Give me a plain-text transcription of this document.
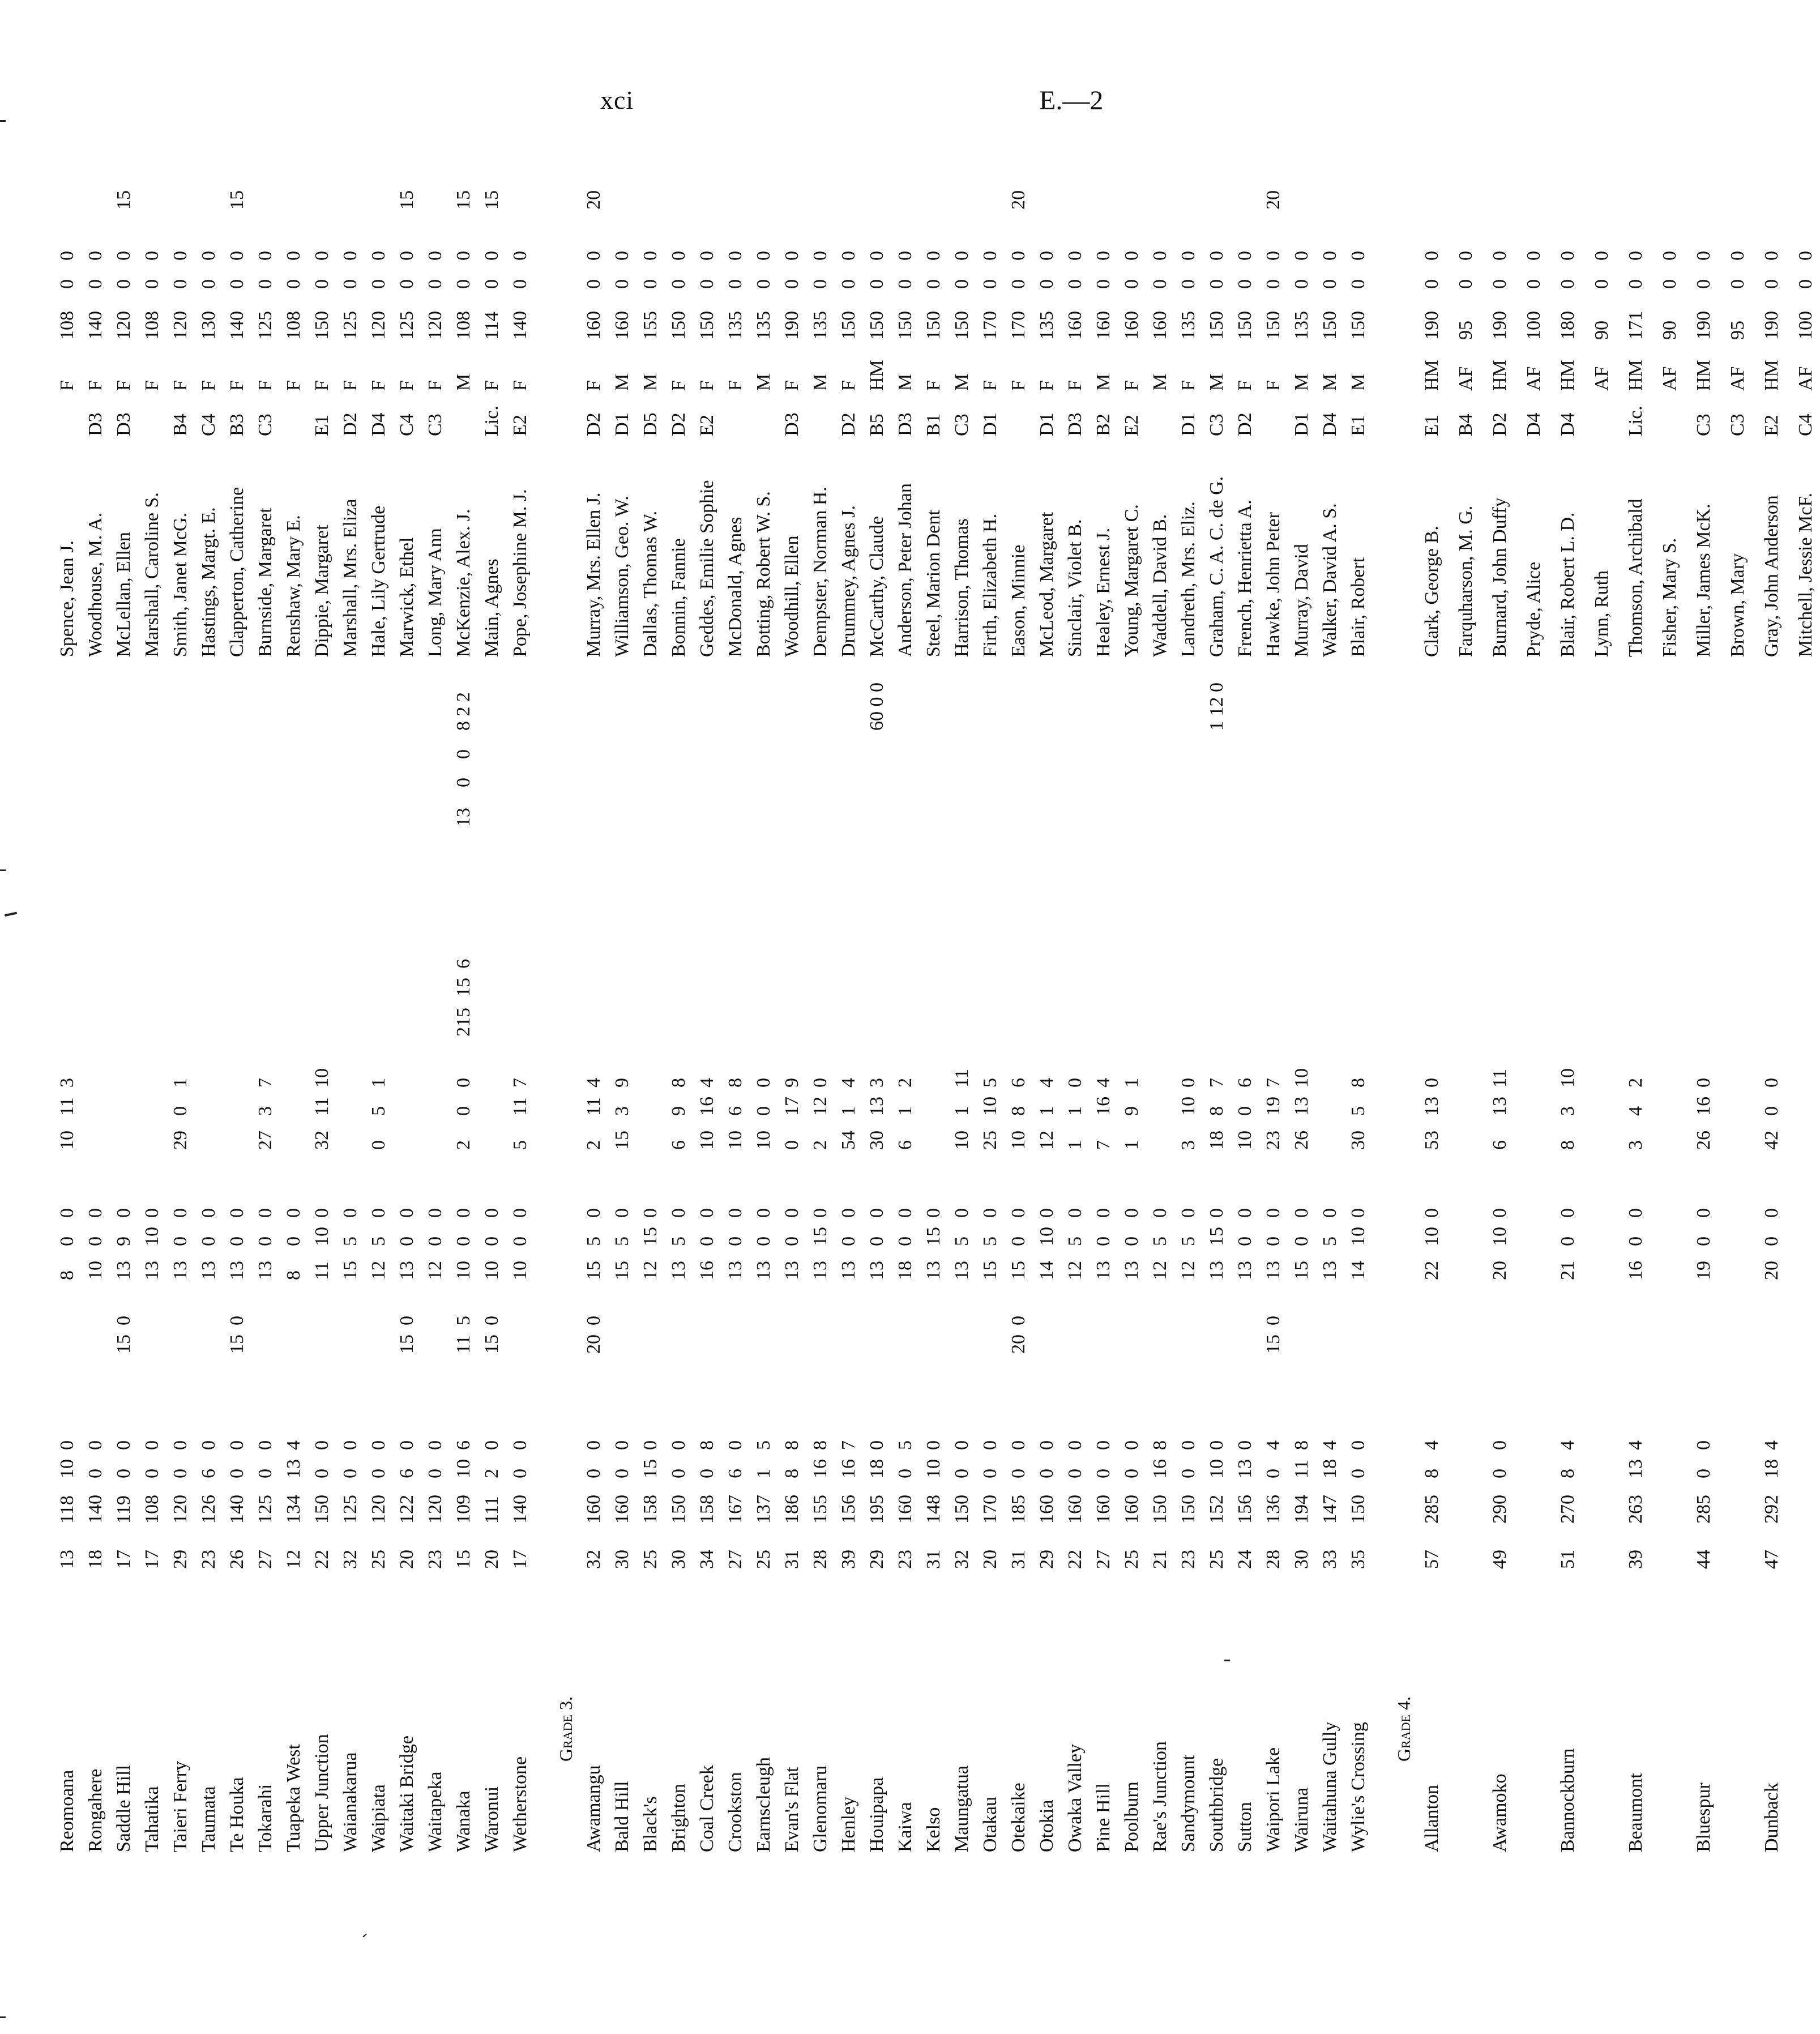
xci	E.—2
Reomoana
13
118
10
0
8
0
0
10
11
3
Spence, Jean J.
F
108
0
0
Rongahere
18
140
0
0
10
0
0
Woodhouse, M. A.
D3
F
140
0
0
Saddle Hill
17
119
0
0
15
0
13
9
0
McLellan, Ellen
D3
F
120
0
0
15
Tahatika
17
108
0
0
13
10
0
Marshall, Caroline S.
F
108
0
0
Taieri Ferry
29
120
0
0
13
0
0
29
0
1
Smith, Janet McG.
B4
F
120
0
0
Taumata
23
126
6
0
13
0
0
Hastings, Margt. E.
C4
F
130
0
0
Te Houka
26
140
0
0
15
0
13
0
0
Clapperton, Catherine
B3
F
140
0
0
15
Tokarahi
27
125
0
0
13
0
0
27
3
7
Burnside, Margaret
C3
F
125
0
0
Tuapeka West
12
134
13
4
8
0
0
Renshaw, Mary E.
F
108
0
0
Upper Junction
22
150
0
0
11
10
0
32
11
10
Dippie, Margaret
E1
F
150
0
0
Waianakarua
32
125
0
0
15
5
0
Marshall, Mrs. Eliza
D2
F
125
0
0
Waipiata
25
120
0
0
12
5
0
0
5
1
Hale, Lily Gertrude
D4
F
120
0
0
Waitaki Bridge
20
122
6
0
15
0
13
0
0
Marwick, Ethel
C4
F
125
0
0
15
Waitapeka
23
120
0
0
12
0
0
Long, Mary Ann
C3
F
120
0
0
Wanaka
15
109
10
6
11
5
10
0
0
2
0
0
215
15
6
13
0
0
8 2 2
McKenzie, Alex. J.
M
108
0
0
15
Waronui
20
111
2
0
15
0
10
0
0
Main, Agnes
Lic.
F
114
0
0
15
Wetherstone
17
140
0
0
10
0
0
5
11
7
Pope, Josephine M. J.
E2
F
140
0
0
Grade 3.
Awamangu
32
160
0
0
20
0
15
5
0
2
11
4
Murray, Mrs. Ellen J.
D2
F
160
0
0
20
Bald Hill
30
160
0
0
15
5
0
15
3
9
Williamson, Geo. W.
D1
M
160
0
0
Black's
25
158
15
0
12
15
0
Dallas, Thomas W.
D5
M
155
0
0
Brighton
30
150
0
0
13
5
0
6
9
8
Bonnin, Fannie
D2
F
150
0
0
Coal Creek
34
158
0
8
16
0
0
10
16
4
Geddes, Emilie Sophie
E2
F
150
0
0
Crookston
27
167
6
0
13
0
0
10
6
8
McDonald, Agnes
F
135
0
0
Earnscleugh
25
137
1
5
13
0
0
10
0
0
Botting, Robert W. S.
M
135
0
0
Evan's Flat
31
186
8
8
13
0
0
0
17
9
Woodhill, Ellen
D3
F
190
0
0
Glenomaru
28
155
16
8
13
15
0
2
12
0
Dempster, Norman H.
M
135
0
0
Henley
39
156
16
7
13
0
0
54
1
4
Drummey, Agnes J.
D2
F
150
0
0
Houipapa
29
195
18
0
13
0
0
30
13
3
60 0 0
McCarthy, Claude
B5
HM
150
0
0
Kaiwa
23
160
0
5
18
0
0
6
1
2
Anderson, Peter Johan
D3
M
150
0
0
Kelso
31
148
10
0
13
15
0
Steel, Marion Dent
B1
F
150
0
0
Maungatua
32
150
0
0
13
5
0
10
1
11
Harrison, Thomas
C3
M
150
0
0
Otakau
20
170
0
0
15
5
0
25
10
5
Firth, Elizabeth H.
D1
F
170
0
0
Otekaike
31
185
0
0
20
0
15
0
0
10
8
6
Eason, Minnie
F
170
0
0
20
Otokia
29
160
0
0
14
10
0
12
1
4
McLeod, Margaret
D1
F
135
0
0
Owaka Valley
22
160
0
0
12
5
0
1
1
0
Sinclair, Violet B.
D3
F
160
0
0
Pine Hill
27
160
0
0
13
0
0
7
16
4
Healey, Ernest J.
B2
M
160
0
0
Poolburn
25
160
0
0
13
0
0
1
9
1
Young, Margaret C.
E2
F
160
0
0
Rae's Junction
21
150
16
8
12
5
0
Waddell, David B.
M
160
0
0
Sandymount
23
150
0
0
12
5
0
3
10
0
Landreth, Mrs. Eliz.
D1
F
135
0
0
Southbridge
25
152
10
0
13
15
0
18
8
7
1 12 0
Graham, C. A. C. de G.
C3
M
150
0
0
Sutton
24
156
13
0
13
0
0
10
0
6
French, Henrietta A.
D2
F
150
0
0
Waipori Lake
28
136
0
4
15
0
13
0
0
23
19
7
Hawke, John Peter
F
150
0
0
20
Wairuna
30
194
11
8
15
0
0
26
13
10
Murray, David
D1
M
135
0
0
Waitahuna Gully
33
147
18
4
13
5
0
Walker, David A. S.
D4
M
150
0
0
Wylie's Crossing
35
150
0
0
14
10
0
30
5
8
Blair, Robert
E1
M
150
0
0
Grade 4.
Allanton
57
285
8
4
22
10
0
53
13
0
Clark, George B.
E1
HM
190
0
0
Farquharson, M. G.
B4
AF
95
0
0
Awamoko
49
290
0
0
20
10
0
6
13
11
Burnard, John Duffy
D2
HM
190
0
0
Pryde, Alice
D4
AF
100
0
0
Bannockburn
51
270
8
4
21
0
0
8
3
10
Blair, Robert L. D.
D4
HM
180
0
0
Lynn, Ruth
AF
90
0
0
Beaumont
39
263
13
4
16
0
0
3
4
2
Thomson, Archibald
Lic.
HM
171
0
0
Fisher, Mary S.
AF
90
0
0
Bluespur
44
285
0
0
19
0
0
26
16
0
Miller, James McK.
C3
HM
190
0
0
Brown, Mary
C3
AF
95
0
0
Dunback
47
292
18
4
20
0
0
42
0
0
Gray, John Anderson
E2
HM
190
0
0
Mitchell, Jessie McF.
C4
AF
100
0
0
